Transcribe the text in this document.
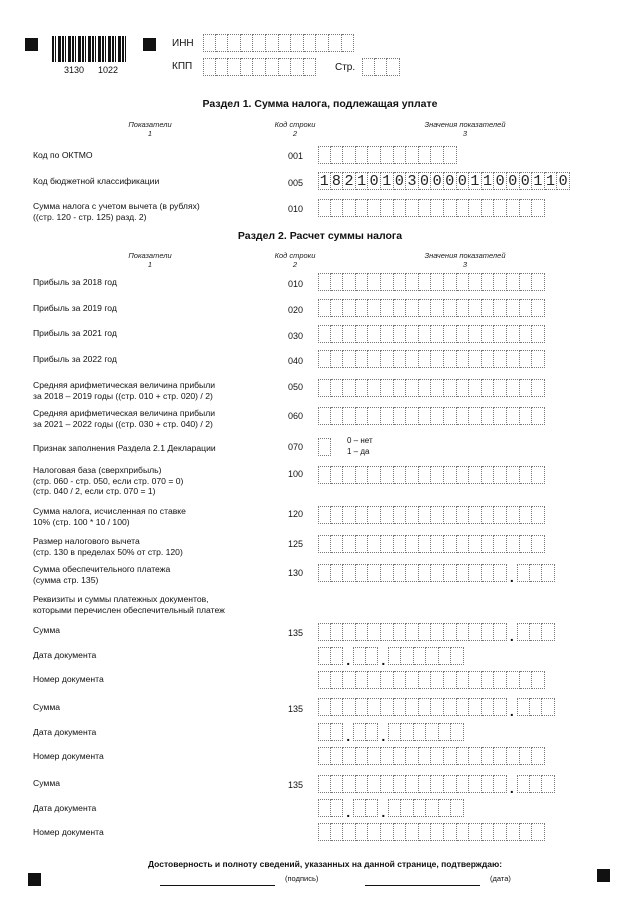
3130 1022
ИНН
КПП	Стр.
Раздел 1. Сумма налога, подлежащая уплате
Показатели
1
Код строки
2
Значения показателей
3
Код по ОКТМО	001
Код бюджетной классификации	005 1 8 2 1 0 1 0 3 0 0 0 0 1 1 0 0 0 1 1 0
Сумма налога с учетом вычета (в рублях)
((стр. 120 - стр. 125) разд. 2)
010
Раздел 2. Расчет суммы налога
Показатели
1
Код строки
2
Значения показателей
3
Прибыль за 2018 год	010
Прибыль за 2019 год	020
Прибыль за 2021 год	030
Прибыль за 2022 год	040
Средняя арифметическая величина прибыли
за 2018 – 2019 годы ((стр. 010 + стр. 020) / 2)
050
Средняя арифметическая величина прибыли
за 2021 – 2022 годы ((стр. 030 + стр. 040) / 2)
060
Признак заполнения Раздела 2.1 Декларации	070
Налоговая база (сверхприбыль)
(стр. 060 - стр. 050, если стр. 070 = 0)
(стр. 040 / 2, если стр. 070 = 1)
100
Сумма налога, исчисленная по ставке
10% (стр. 100 * 10 / 100)
120
Размер налогового вычета
(стр. 130 в пределах 50% от стр. 120)
125
Сумма обеспечительного платежа
(сумма стр. 135)
130
Реквизиты и суммы платежных документов,
которыми перечислен обеспечительный платеж
Сумма	135
Дата документа
Номер документа
Сумма	135
Дата документа
Номер документа
Сумма	135
Дата документа
Номер документа
0 – нет
1 – да
.
.
. .
.
. .
.
. .
Достоверность и полноту сведений, указанных на данной странице, подтверждаю:
(подпись)	(дата)
